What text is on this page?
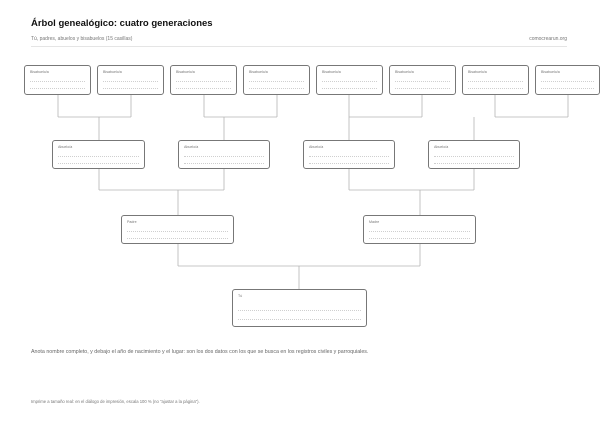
Árbol genealógico: cuatro generaciones
Tú, padres, abuelos y bisabuelos (15 casillas)	comocrearun.org
Bisabuelo/a	Bisabuelo/a	Bisabuelo/a	Bisabuelo/a	Bisabuelo/a	Bisabuelo/a	Bisabuelo/a	Bisabuelo/a
Abuelo/a	Abuelo/a	Abuelo/a	Abuelo/a
Padre	Madre
Tú
Anota nombre completo, y debajo el año de nacimiento y el lugar: son los dos datos con los que se busca en los registros civiles y parroquiales.
Imprime a tamaño real: en el diálogo de impresión, escala 100 % (no "ajustar a la página").
